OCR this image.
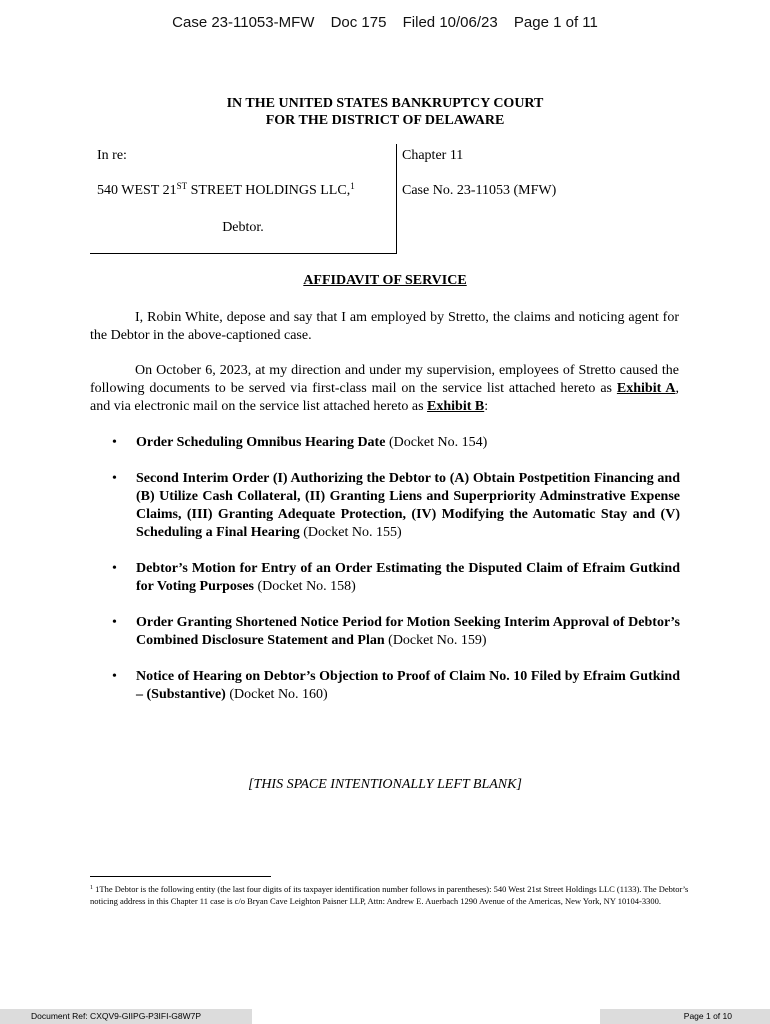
Case 23-11053-MFW Doc 175 Filed 10/06/23 Page 1 of 11
IN THE UNITED STATES BANKRUPTCY COURT
FOR THE DISTRICT OF DELAWARE
In re:
540 WEST 21ST STREET HOLDINGS LLC,$^1$
Debtor.
Chapter 11
Case No. 23-11053 (MFW)
AFFIDAVIT OF SERVICE

I, Robin White, depose and say that I am employed by Stretto, the claims and noticing agent for the Debtor in the above-captioned case.

On October 6, 2023, at my direction and under my supervision, employees of Stretto caused the following documents to be served via first-class mail on the service list attached hereto as Exhibit A, and via electronic mail on the service list attached hereto as Exhibit B:

• Order Scheduling Omnibus Hearing Date (Docket No. 154)
• Second Interim Order (I) Authorizing the Debtor to (A) Obtain Postpetition Financing and (B) Utilize Cash Collateral, (II) Granting Liens and Superpriority Adminstrative Expense Claims, (III) Granting Adequate Protection, (IV) Modifying the Automatic Stay and (V) Scheduling a Final Hearing (Docket No. 155)
• Debtor’s Motion for Entry of an Order Estimating the Disputed Claim of Efraim Gutkind for Voting Purposes (Docket No. 158)
• Order Granting Shortened Notice Period for Motion Seeking Interim Approval of Debtor’s Combined Disclosure Statement and Plan (Docket No. 159)
• Notice of Hearing on Debtor’s Objection to Proof of Claim No. 10 Filed by Efraim Gutkind – (Substantive) (Docket No. 160)
[THIS SPACE INTENTIONALLY LEFT BLANK]

$^1$ 1The Debtor is the following entity (the last four digits of its taxpayer identification number follows in parentheses): 540 West 21st Street Holdings LLC (1133). The Debtor’s noticing address in this Chapter 11 case is c/o Bryan Cave Leighton Paisner LLP, Attn: Andrew E. Auerbach 1290 Avenue of the Americas, New York, NY 10104-3300.

Document Ref: CXQV9-GIIPG-P3IFI-G8W7P	Page 1 of 10
